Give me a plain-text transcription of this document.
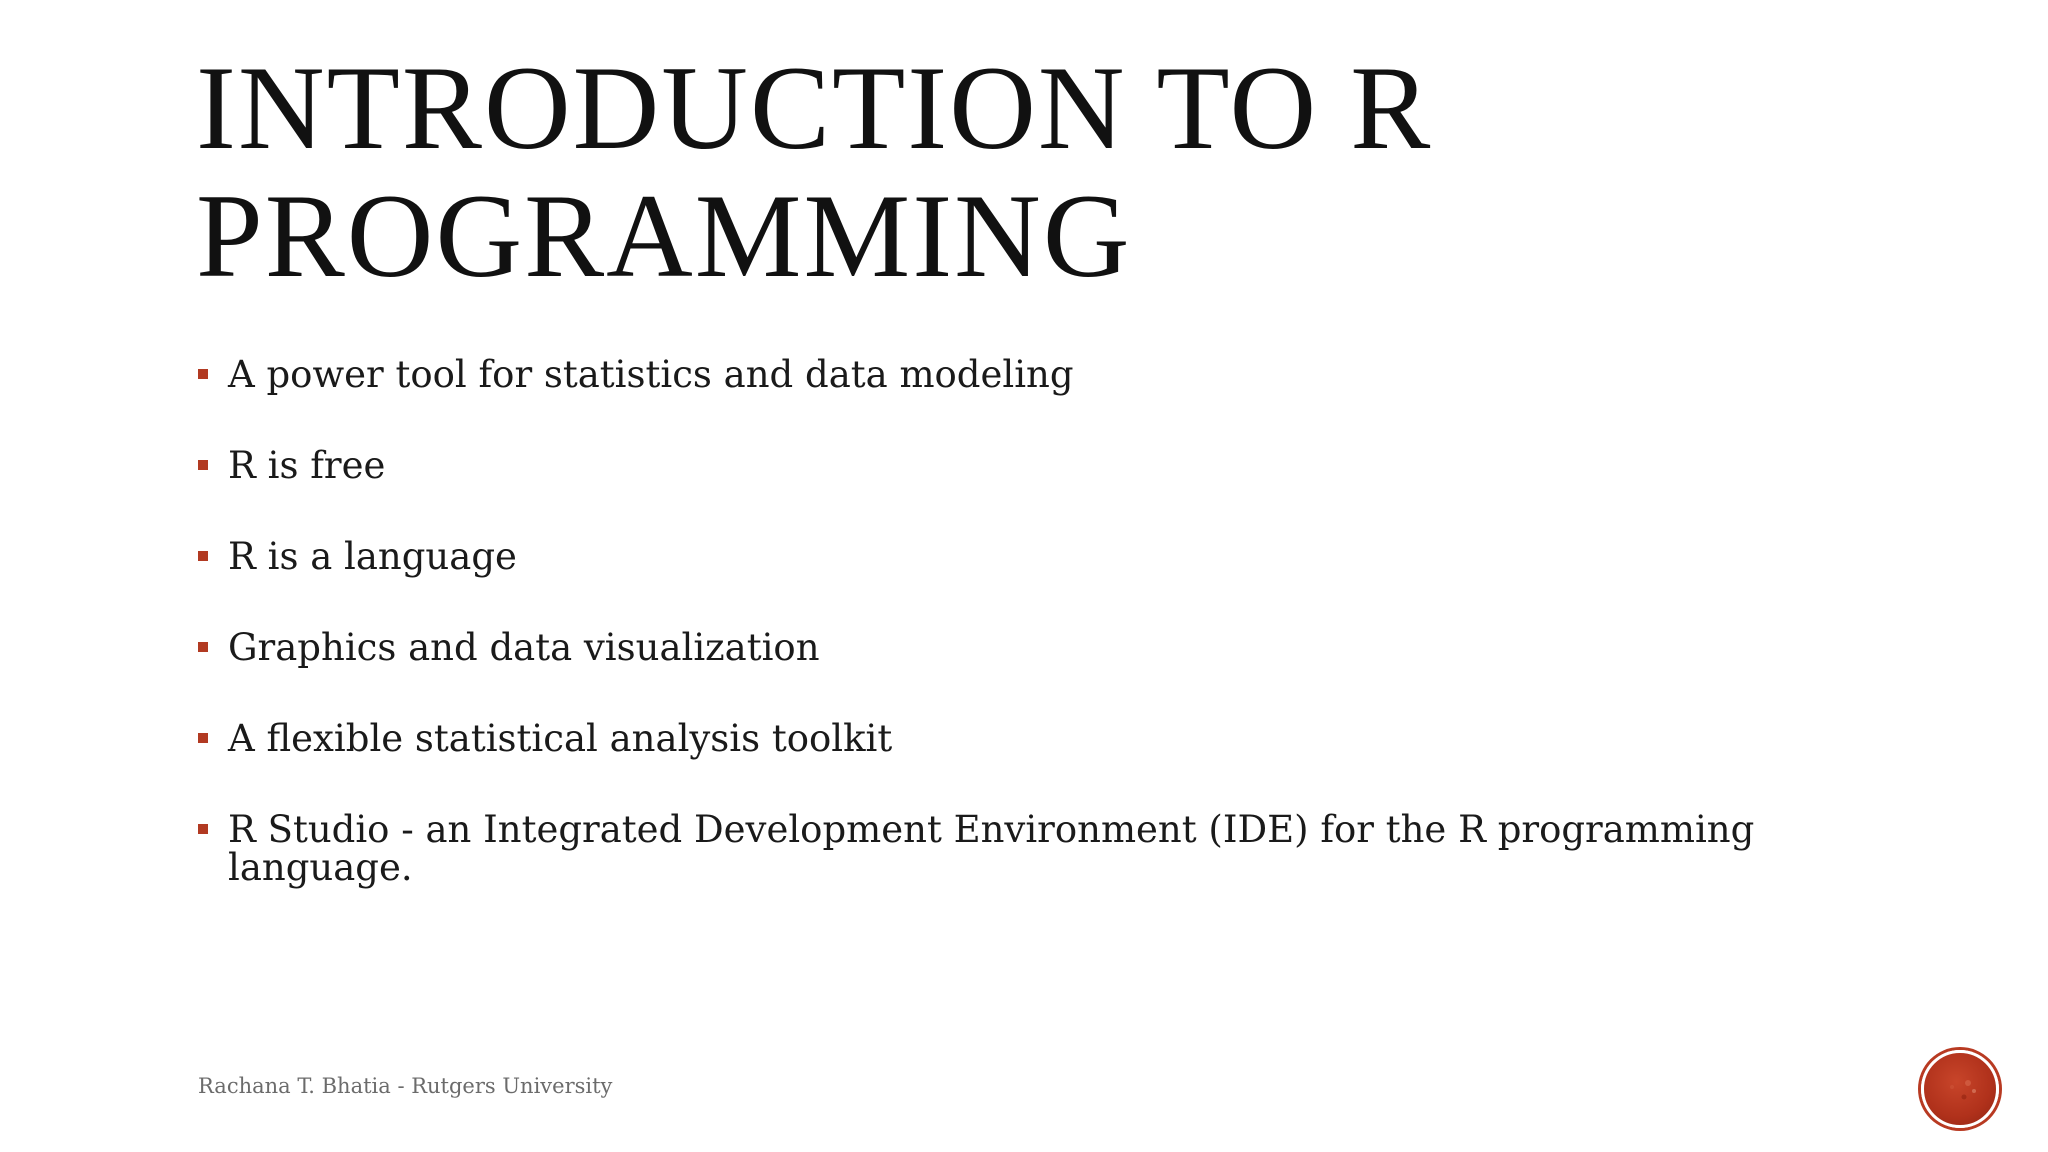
INTRODUCTION TO R
PROGRAMMING
A power tool for statistics and data modeling
R is free
R is a language
Graphics and data visualization
A flexible statistical analysis toolkit
R Studio - an Integrated Development Environment (IDE) for the R programming language.
Rachana T. Bhatia - Rutgers University
